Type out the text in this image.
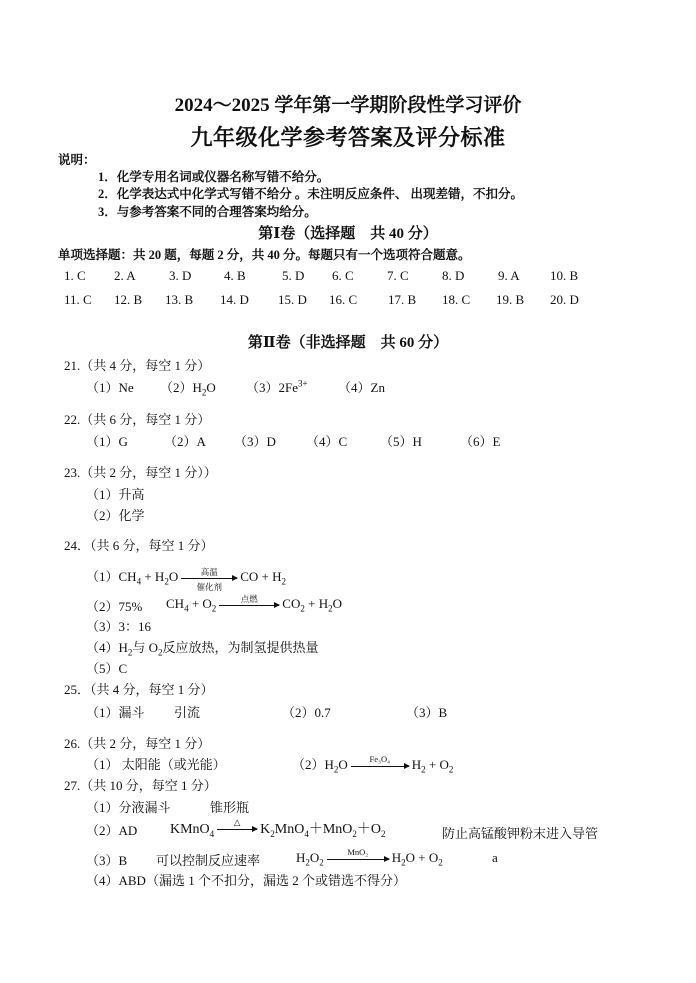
2024～2025 学年第一学期阶段性学习评价
九年级化学参考答案及评分标准
说明：
1．化学专用名词或仪器名称写错不给分。
2．化学表达式中化学式写错不给分 。未注明反应条件、 出现差错，不扣分。
3．与参考答案不同的合理答案均给分。
第Ⅰ卷（选择题　共 40 分）
单项选择题：共 20 题，每题 2 分，共 40 分。每题只有一个选项符合题意。
1. C 2. A	3. D	4. B	5. D 6. C	7. C	8. D	9. A 10. B
11. C 12. B 13. B 14. D 15. D 16. C 17. B 18. C 19. B 20. D
第Ⅱ卷（非选择题　共 60 分）
21.（共 4 分，每空 1 分）
（1）Ne $(2)H_2O$ $(3)2Fe^{3+}$ （4）Zn
22.（共 6 分，每空 1 分）
（1）G	（2）A （3）D （4）C	（5）H	（6）E
23.（共 2 分，每空 1 分））
（1）升高
（2）化学
24．（共 6 分，每空 1 分）
$(1)CH_4 + H_2O$	高温
催化剂
CO + $H_2$
（2）75% $CH_4 + O_2$
点燃	$CO_2 + H_2O$
（3）3：16
$(4)H_2$与 $O_2$反应放热，为制氢提供热量
（5）C
25．（共 4 分，每空 1 分）
（1）漏斗 引流	（2）0.7	（3）B
26.（共 2 分，每空 1 分）
（1） 太阳能（或光能）	$(2)H_2O$	Fe₃O₄	$H_2 + O_2$
27.（共 10 分，每空 1 分）
（1）分液漏斗	锥形瓶
（2）AD KMnO$_4$
△	$K_2MnO_4+MnO_2+O_2$	防止高锰酸钾粉末进入导管
（3）B 可以控制反应速率	$H_2O_2$
MnO₂	$H_2O + O_2$	a
（4）ABD（漏选 1 个不扣分，漏选 2 个或错选不得分）
